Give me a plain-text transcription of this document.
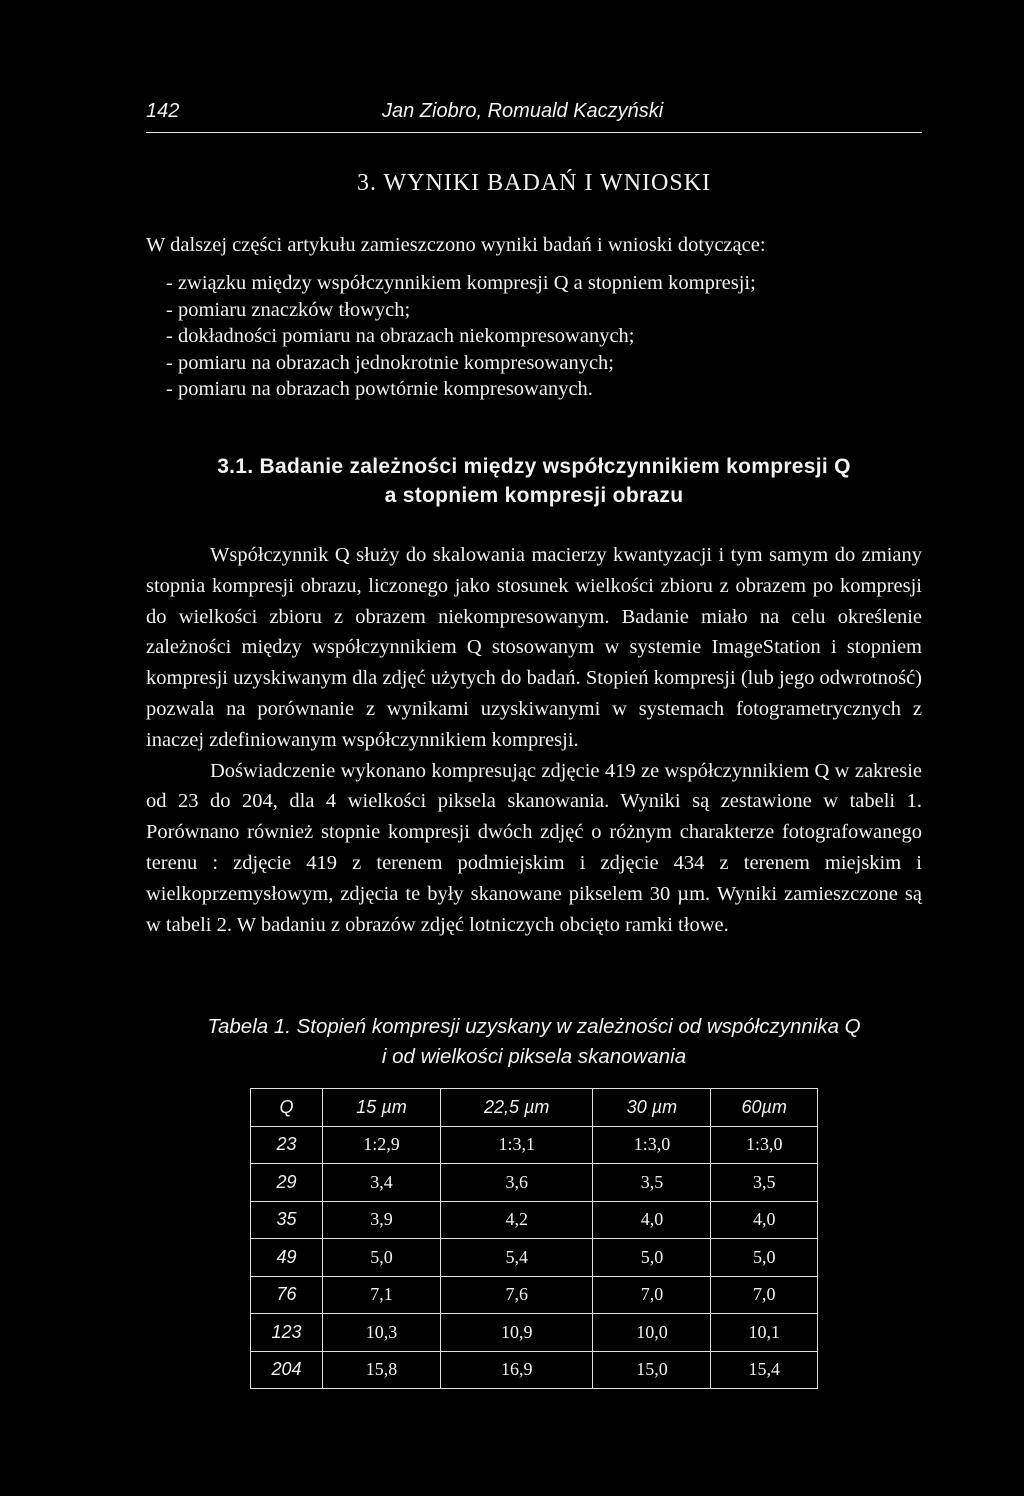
142	Jan Ziobro, Romuald Kaczyński
3. WYNIKI BADAŃ I WNIOSKI

W dalszej części artykułu zamieszczono wyniki badań i wnioski dotyczące:

- związku między współczynnikiem kompresji Q a stopniem kompresji;
- pomiaru znaczków tłowych;
- dokładności pomiaru na obrazach niekompresowanych;
- pomiaru na obrazach jednokrotnie kompresowanych;
- pomiaru na obrazach powtórnie kompresowanych.
3.1. Badanie zależności między współczynnikiem kompresji Q
a stopniem kompresji obrazu

Współczynnik Q służy do skalowania macierzy kwantyzacji i tym samym do zmiany stopnia kompresji obrazu, liczonego jako stosunek wielkości zbioru z obrazem po kompresji do wielkości zbioru z obrazem niekompresowanym. Badanie miało na celu określenie zależności między współczynnikiem Q stosowanym w systemie ImageStation i stopniem kompresji uzyskiwanym dla zdjęć użytych do badań. Stopień kompresji (lub jego odwrotność) pozwala na porównanie z wynikami uzyskiwanymi w systemach fotogrametrycznych z inaczej zdefiniowanym współczynnikiem kompresji.

Doświadczenie wykonano kompresując zdjęcie 419 ze współczynnikiem Q w zakresie od 23 do 204, dla 4 wielkości piksela skanowania. Wyniki są zestawione w tabeli 1. Porównano również stopnie kompresji dwóch zdjęć o różnym charakterze fotografowanego terenu : zdjęcie 419 z terenem podmiejskim i zdjęcie 434 z terenem miejskim i wielkoprzemysłowym, zdjęcia te były skanowane pikselem 30 µm. Wyniki zamieszczone są w tabeli 2. W badaniu z obrazów zdjęć lotniczych obcięto ramki tłowe.

Tabela 1. Stopień kompresji uzyskany w zależności od współczynnika Q
i od wielkości piksela skanowania
Q	15 µm	22,5 µm	30 µm	60µm
23	1:2,9	1:3,1	1:3,0	1:3,0
29	3,4	3,6	3,5	3,5
35	3,9	4,2	4,0	4,0
49	5,0	5,4	5,0	5,0
76	7,1	7,6	7,0	7,0
123	10,3	10,9	10,0	10,1
204	15,8	16,9	15,0	15,4
